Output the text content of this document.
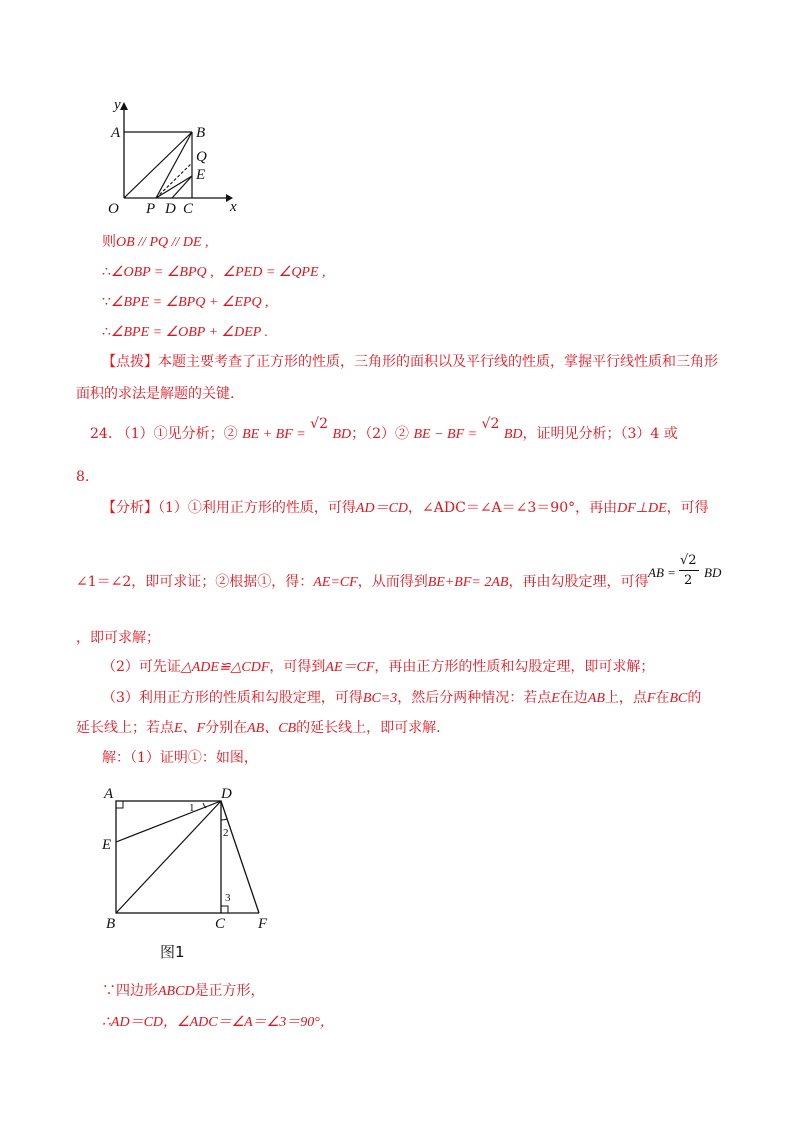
y
x
O
A	B
Q
E
P D C
则OB // PQ // DE ,
∴∠OBP = ∠BPQ , ∠PED = ∠QPE ,
∵∠BPE = ∠BPQ + ∠EPQ ,
∴∠BPE = ∠OBP + ∠DEP .
【点拨】本题主要考查了正方形的性质，三角形的面积以及平行线的性质，掌握平行线性质和三角形
面积的求法是解题的关键.
24. （1）①见分析；② BE + BF = √2 BD；（2）② BE − BF = √2 BD，证明见分析；（3）4 或
8.
【分析】（1）①利用正方形的性质，可得AD＝CD，∠ADC＝∠A＝∠3＝90°，再由DF⊥DE，可得
∠1＝∠2，即可求证；②根据①，得：AE=CF，从而得到BE+BF= 2AB，再由勾股定理，可得
AB =
√2
2
BD
，即可求解；
（2）可先证△ADE≌△CDF，可得到AE＝CF，再由正方形的性质和勾股定理，即可求解；
（3）利用正方形的性质和勾股定理，可得BC=3，然后分两种情况：若点E在边AB上，点F在BC的
延长线上；若点E、F分别在AB、CB的延长线上，即可求解.
解：（1）证明①：如图，
A	D
E
B	C F
1
2
3
图1
∵四边形ABCD是正方形，
∴AD＝CD，∠ADC＝∠A＝∠3＝90°，
